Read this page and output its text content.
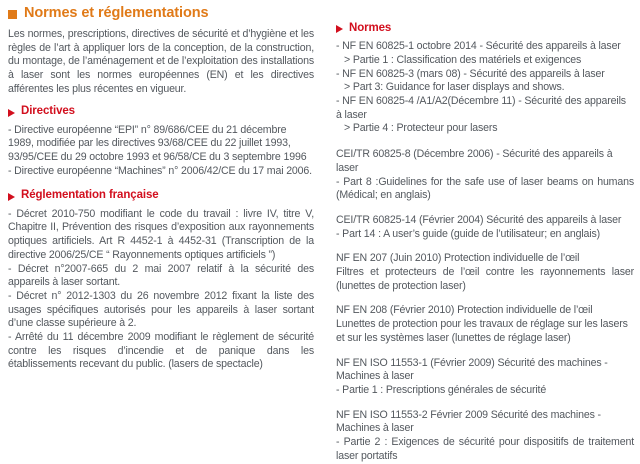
Normes et réglementations

Les normes, prescriptions, directives de sécurité et d’hygiène et les règles de l’art à appliquer lors de la conception, de la construction, du montage, de l’aménagement et de l’exploitation des installations à laser sont les normes européennes (EN) et les directives afférentes les plus récentes en vigueur.

Directives

- Directive européenne “EPI” n° 89/686/CEE du 21 décembre 1989, modifiée par les directives 93/68/CEE du 22 juillet 1993, 93/95/CEE du 29 octobre 1993 et 96/58/CE du 3 septembre 1996

- Directive européenne “Machines” n° 2006/42/CE du 17 mai 2006.

Réglementation française

- Décret 2010-750 modifiant le code du travail : livre IV, titre V, Chapitre II, Prévention des risques d’exposition aux rayonnements optiques artificiels. Art R 4452-1 à 4452-31 (Transcription de la directive 2006/25/CE “ Rayonnements optiques artificiels ”)

- Décret n°2007-665 du 2 mai 2007 relatif à la sécurité des appareils à laser sortant.

- Décret n° 2012-1303 du 26 novembre 2012 fixant la liste des usages spécifiques autorisés pour les appareils à laser sortant d’une classe supérieure à 2.

- Arrêté du 11 décembre 2009 modifiant le règlement de sécurité contre les risques d’incendie et de panique dans les établissements recevant du public. (lasers de spectacle)

Normes

- NF EN 60825-1 octobre 2014 - Sécurité des appareils à laser

> Partie 1 : Classification des matériels et exigences

- NF EN 60825-3 (mars 08) - Sécurité des appareils à laser

> Part 3: Guidance for laser displays and shows.

- NF EN 60825-4 /A1/A2(Décembre 11) - Sécurité des appareils à laser

> Partie 4 : Protecteur pour lasers

CEI/TR 60825-8 (Décembre 2006) - Sécurité des appareils à laser

- Part 8 :Guidelines for the safe use of laser beams on humans (Médical; en anglais)

CEI/TR 60825-14 (Février 2004) Sécurité des appareils à laser

- Part 14 : A user’s guide (guide de l’utilisateur; en anglais)

NF EN 207 (Juin 2010) Protection individuelle de l’œil

Filtres et protecteurs de l’œil contre les rayonnements laser (lunettes de protection laser)

NF EN 208 (Février 2010) Protection individuelle de l’œil

Lunettes de protection pour les travaux de réglage sur les lasers et sur les systèmes laser (lunettes de réglage laser)

NF EN ISO 11553-1 (Février 2009) Sécurité des machines - Machines à laser

- Partie 1 : Prescriptions générales de sécurité

NF EN ISO 11553-2 Février 2009 Sécurité des machines - Machines à laser

- Partie 2 : Exigences de sécurité pour dispositifs de traitement laser portatifs
